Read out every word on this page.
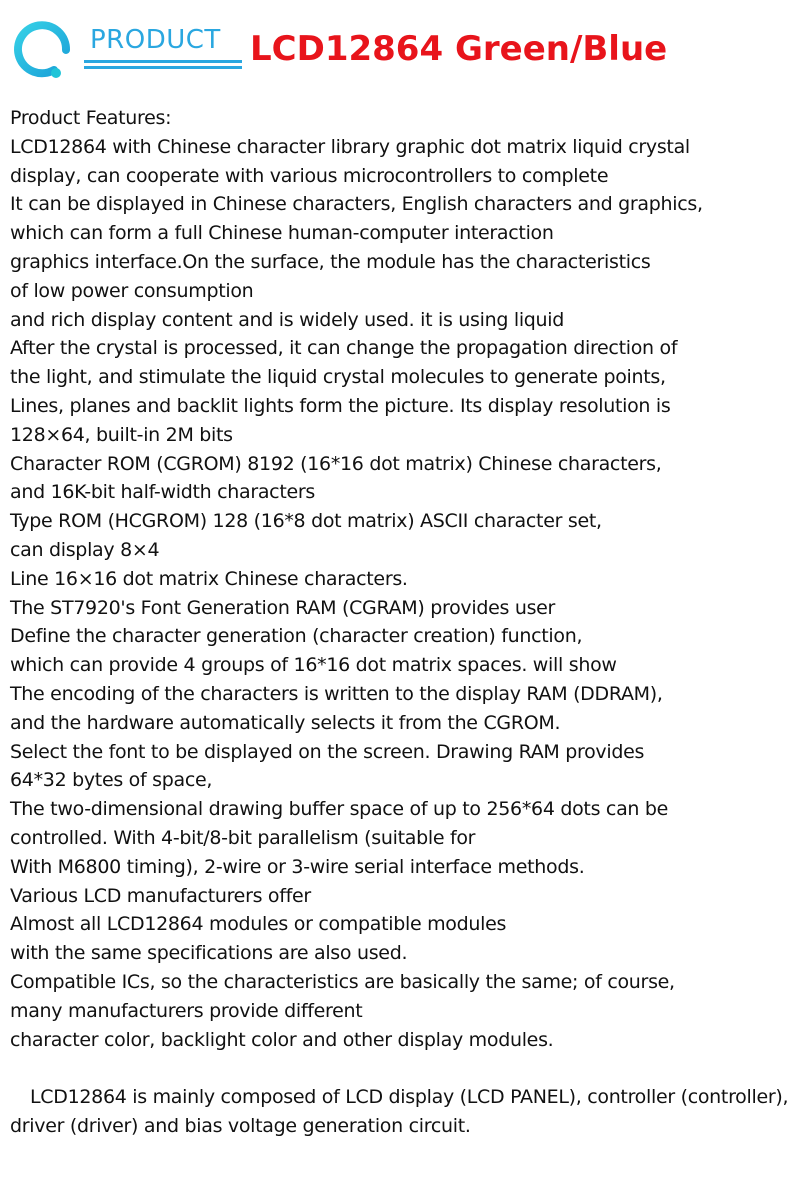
PRODUCT LCD12864 Green/Blue
Product Features:
LCD12864 with Chinese character library graphic dot matrix liquid crystal
display, can cooperate with various microcontrollers to complete
It can be displayed in Chinese characters, English characters and graphics,
which can form a full Chinese human-computer interaction
graphics interface.On the surface, the module has the characteristics
of low power consumption
and rich display content and is widely used. it is using liquid
After the crystal is processed, it can change the propagation direction of
the light, and stimulate the liquid crystal molecules to generate points,
Lines, planes and backlit lights form the picture. Its display resolution is
128×64, built-in 2M bits
Character ROM (CGROM) 8192 (16*16 dot matrix) Chinese characters,
and 16K-bit half-width characters
Type ROM (HCGROM) 128 (16*8 dot matrix) ASCII character set,
can display 8×4
Line 16×16 dot matrix Chinese characters.
The ST7920's Font Generation RAM (CGRAM) provides user
Define the character generation (character creation) function,
which can provide 4 groups of 16*16 dot matrix spaces. will show
The encoding of the characters is written to the display RAM (DDRAM),
and the hardware automatically selects it from the CGROM.
Select the font to be displayed on the screen. Drawing RAM provides
64*32 bytes of space,
The two-dimensional drawing buffer space of up to 256*64 dots can be
controlled. With 4-bit/8-bit parallelism (suitable for
With M6800 timing), 2-wire or 3-wire serial interface methods.
Various LCD manufacturers offer
Almost all LCD12864 modules or compatible modules
with the same specifications are also used.
Compatible ICs, so the characteristics are basically the same; of course,
many manufacturers provide different
character color, backlight color and other display modules.
LCD12864 is mainly composed of LCD display (LCD PANEL), controller (controller), driver (driver) and bias voltage generation circuit.
